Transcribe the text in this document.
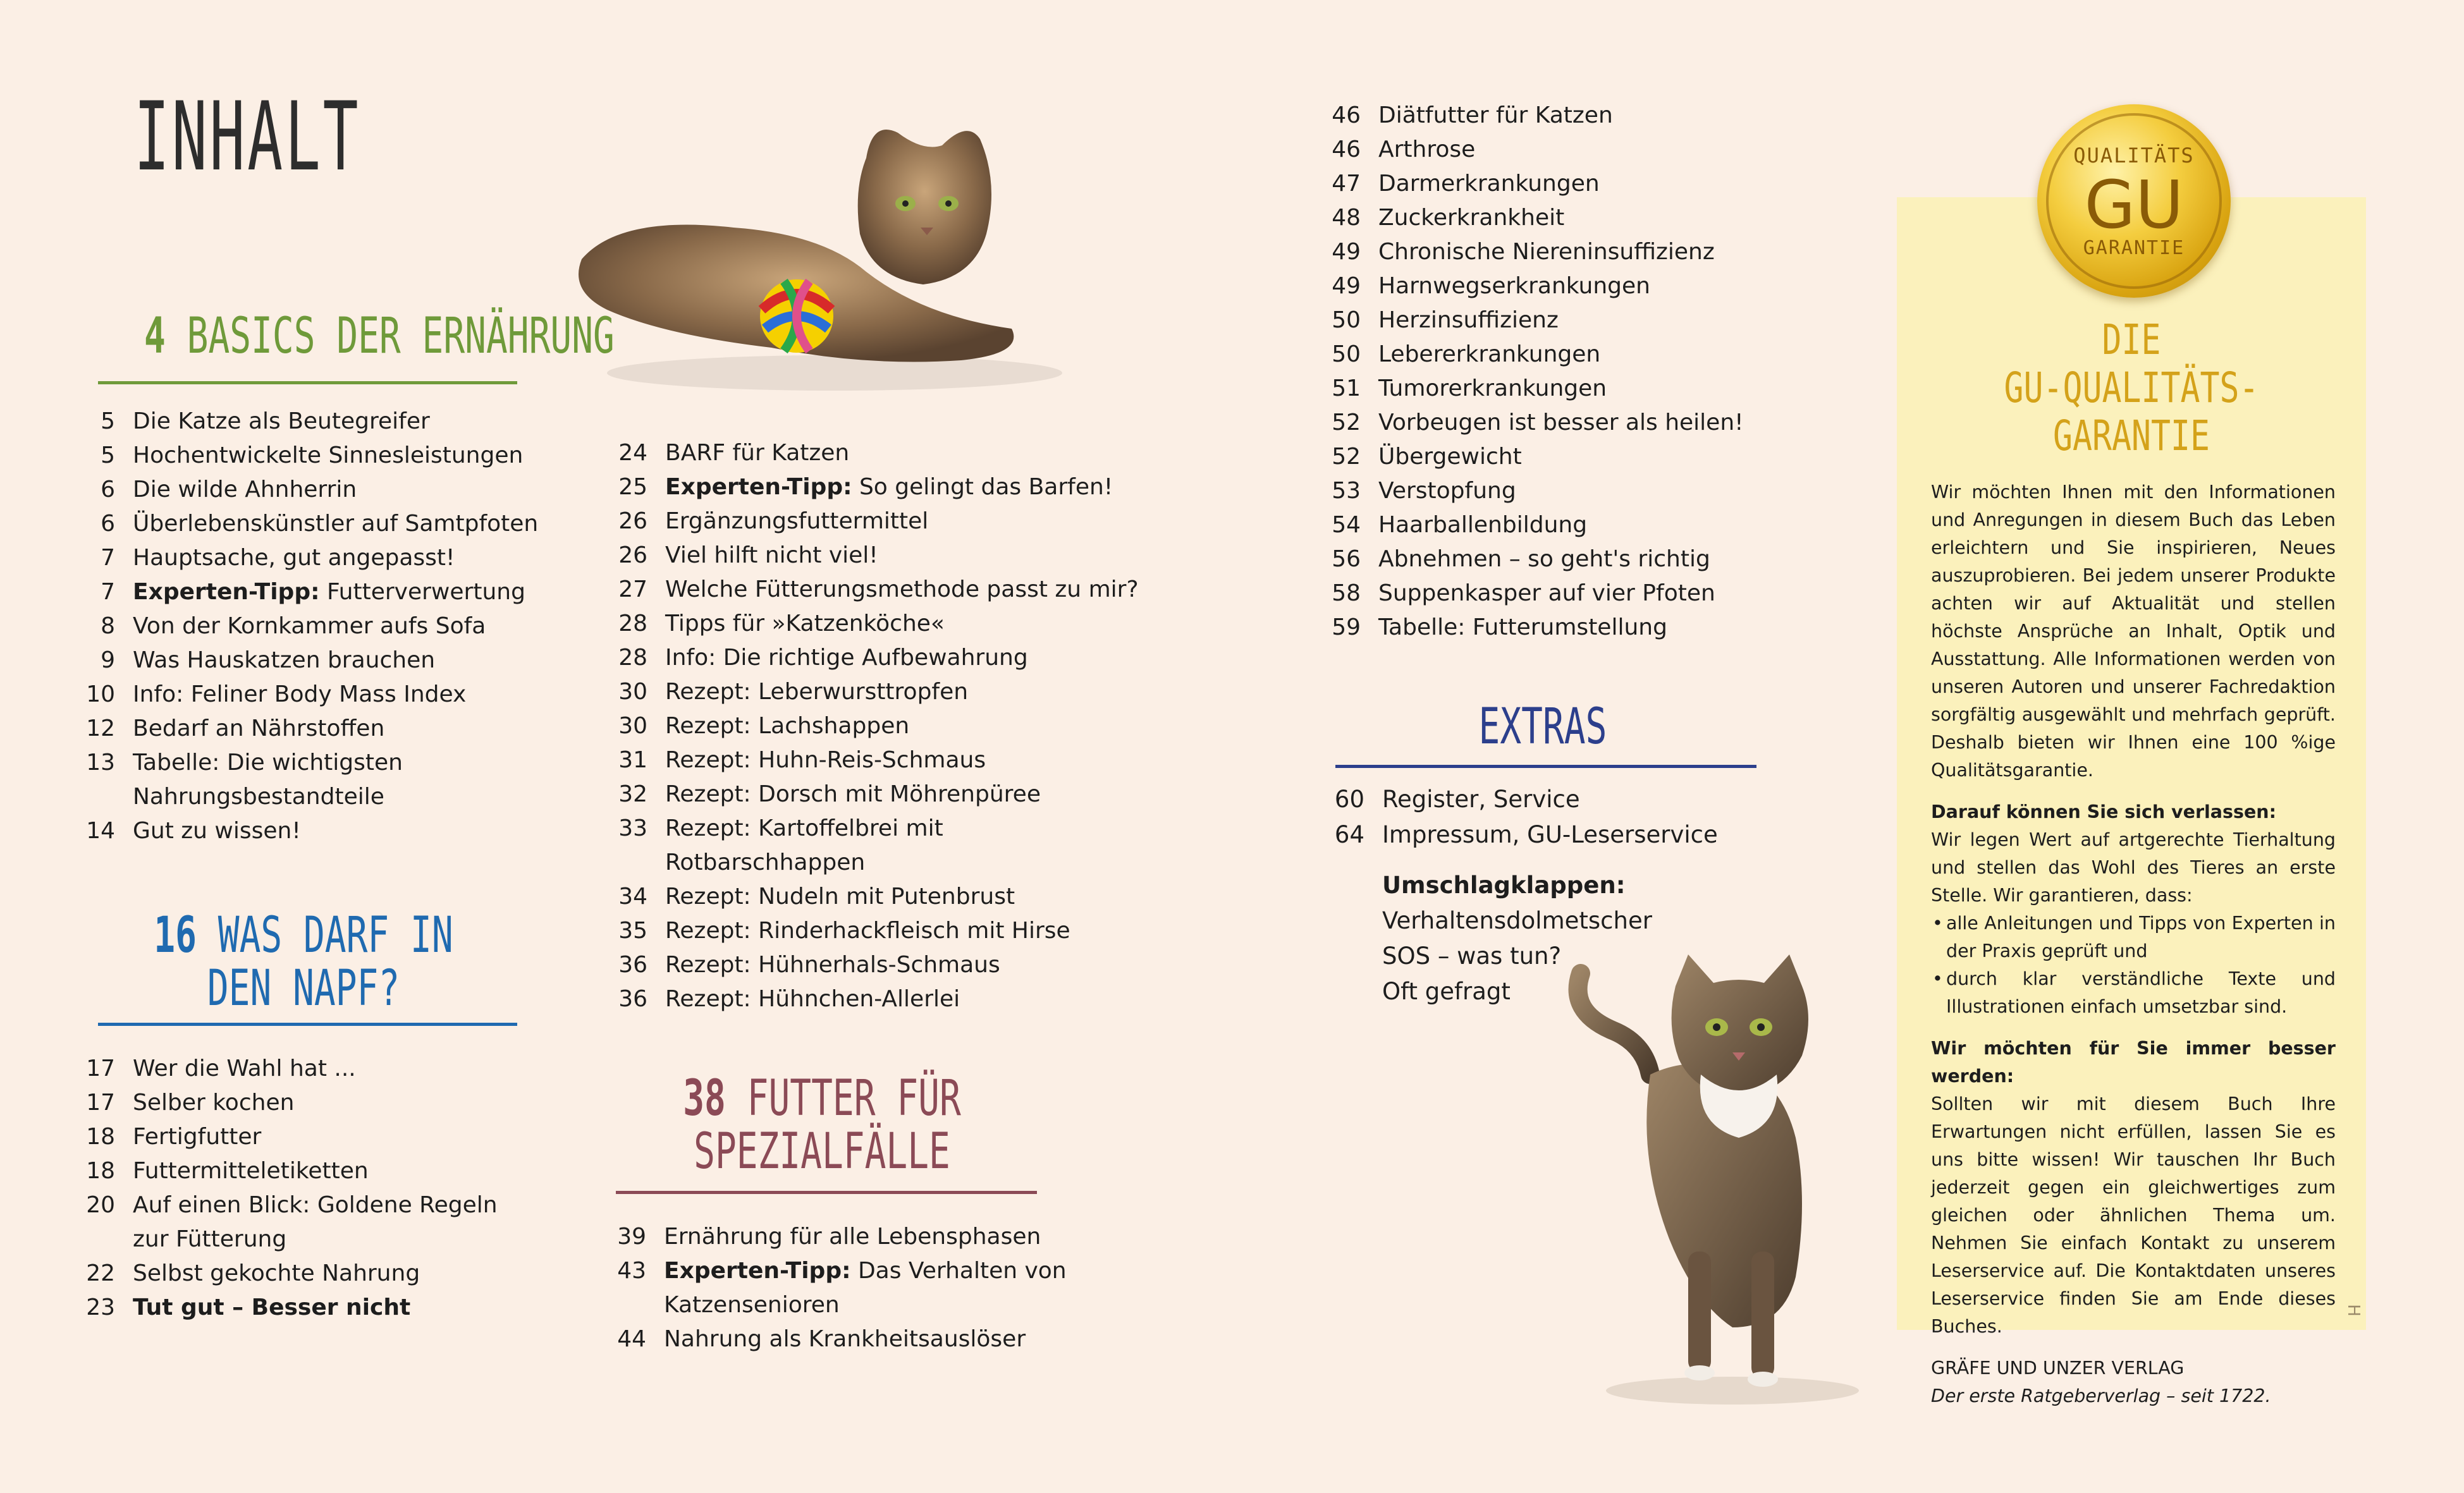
INHALT
4 BASICS DER ERNÄHRUNG
5 Die Katze als Beutegreifer
5 Hochentwickelte Sinnesleistungen
6 Die wilde Ahnherrin
6 Überlebenskünstler auf Samtpfoten
7 Hauptsache, gut angepasst!
7 Experten-Tipp: Futterverwertung
8 Von der Kornkammer aufs Sofa
9 Was Hauskatzen brauchen
10 Info: Feliner Body Mass Index
12 Bedarf an Nährstoffen
13 Tabelle: Die wichtigsten
Nahrungsbestandteile
14 Gut zu wissen!
16 WAS DARF IN
DEN NAPF?
17 Wer die Wahl hat ...
17 Selber kochen
18 Fertigfutter
18 Futtermitteletiketten
20 Auf einen Blick: Goldene Regeln
zur Fütterung
22 Selbst gekochte Nahrung
23 Tut gut – Besser nicht
24 BARF für Katzen
25 Experten-Tipp: So gelingt das Barfen!
26 Ergänzungsfuttermittel
26 Viel hilft nicht viel!
27 Welche Fütterungsmethode passt zu mir?
28 Tipps für »Katzenköche«
28 Info: Die richtige Aufbewahrung
30 Rezept: Leberwursttropfen
30 Rezept: Lachshappen
31 Rezept: Huhn-Reis-Schmaus
32 Rezept: Dorsch mit Möhrenpüree
33 Rezept: Kartoffelbrei mit
Rotbarschhappen
34 Rezept: Nudeln mit Putenbrust
35 Rezept: Rinderhackfleisch mit Hirse
36 Rezept: Hühnerhals-Schmaus
36 Rezept: Hühnchen-Allerlei
38 FUTTER FÜR
SPEZIALFÄLLE
39 Ernährung für alle Lebensphasen
43 Experten-Tipp: Das Verhalten von
Katzensenioren
44 Nahrung als Krankheitsauslöser
46 Diätfutter für Katzen
46 Arthrose
47 Darmerkrankungen
48 Zuckerkrankheit
49 Chronische Niereninsuffizienz
49 Harnwegserkrankungen
50 Herzinsuffizienz
50 Lebererkrankungen
51 Tumorerkrankungen
52 Vorbeugen ist besser als heilen!
52 Übergewicht
53 Verstopfung
54 Haarballenbildung
56 Abnehmen – so geht's richtig
58 Suppenkasper auf vier Pfoten
59 Tabelle: Futterumstellung
EXTRAS
60 Register, Service
64 Impressum, GU-Leserservice
Umschlagklappen:
Verhaltensdolmetscher
SOS – was tun?
Oft gefragt
QUALITÄTS
GU
GARANTIE
DIE
GU-QUALITÄTS-
GARANTIE

Wir möchten Ihnen mit den Informationen und Anregungen in diesem Buch das Leben erleichtern und Sie inspirieren, Neues auszuprobieren. Bei jedem unserer Produkte achten wir auf Aktualität und stellen höchste Ansprüche an Inhalt, Optik und Ausstattung. Alle Informationen werden von unseren Autoren und unserer Fachredaktion sorgfältig ausgewählt und mehrfach geprüft. Deshalb bieten wir Ihnen eine 100 %ige Qualitätsgarantie.

Darauf können Sie sich verlassen:
Wir legen Wert auf artgerechte Tierhaltung und stellen das Wohl des Tieres an erste Stelle. Wir garantieren, dass:
• alle Anleitungen und Tipps von Experten in der Praxis geprüft und
• durch klar verständliche Texte und Illustrationen einfach umsetzbar sind.
Wir möchten für Sie immer besser werden:

Sollten wir mit diesem Buch Ihre Erwartungen nicht erfüllen, lassen Sie es uns bitte wissen! Wir tauschen Ihr Buch jederzeit gegen ein gleichwertiges zum gleichen oder ähnlichen Thema um. Nehmen Sie einfach Kontakt zu unserem Leserservice auf. Die Kontaktdaten unseres Leserservice finden Sie am Ende dieses Buches.

GRÄFE UND UNZER VERLAG
Der erste Ratgeberverlag – seit 1722.
H
